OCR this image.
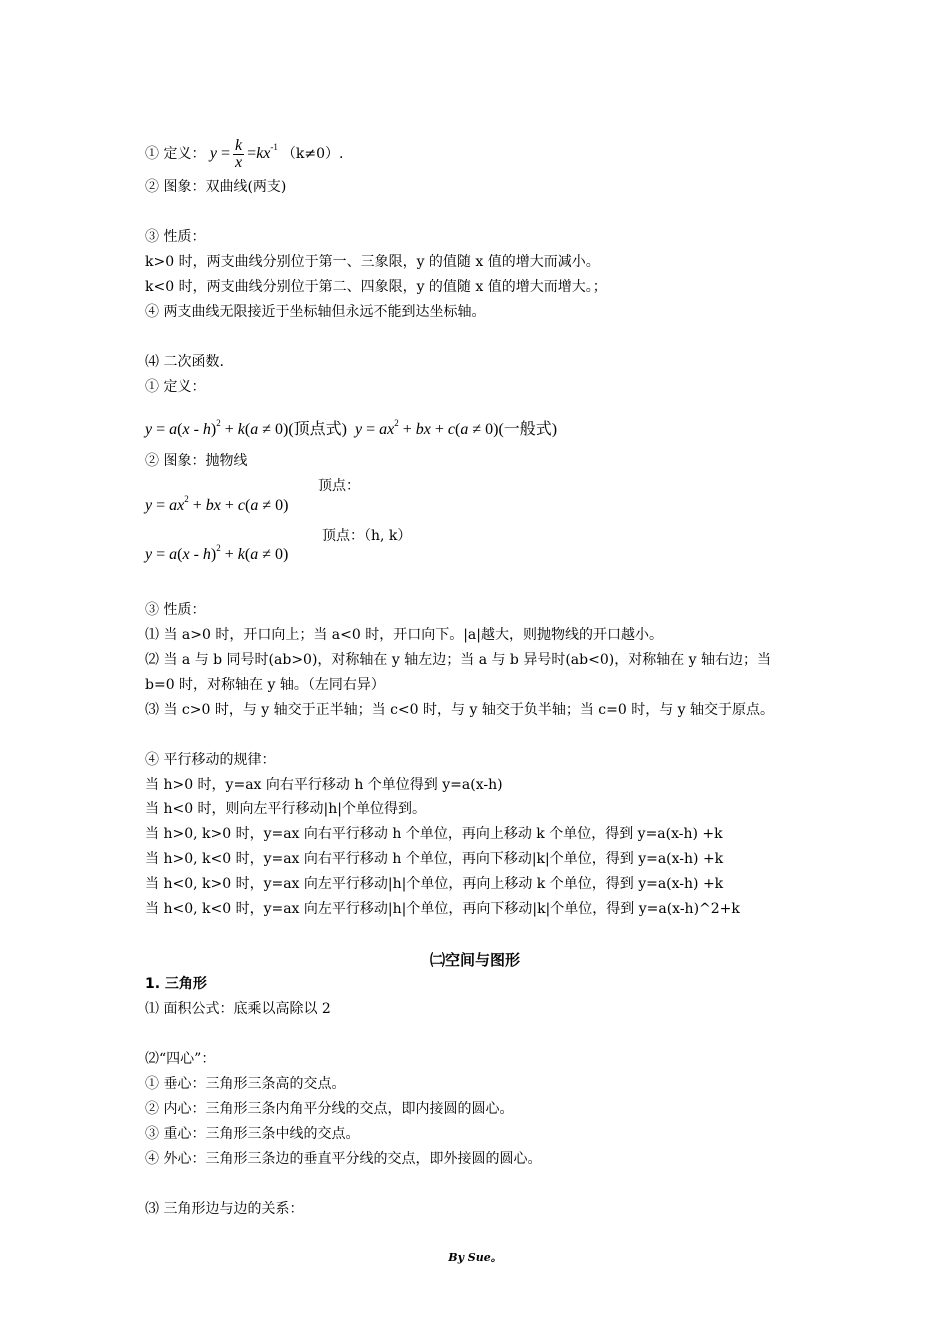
① 定义： $y = \frac{k}{x} =kx^{-1}$ （k≠0）.
② 图象：双曲线(两支)
③ 性质：
k>0 时，两支曲线分别位于第一、三象限，y 的值随 x 值的增大而减小。
k<0 时，两支曲线分别位于第二、四象限，y 的值随 x 值的增大而增大。；
④ 两支曲线无限接近于坐标轴但永远不能到达坐标轴。
⑷ 二次函数.
① 定义：
y = a(x - h)$^2$ + k(a ≠ 0)(顶点式) $y = ax^2$ + bx + c(a ≠ 0)(一般式)
② 图象：抛物线
$y = ax^2$ + bx + c(a ≠ 0)
顶点：
y = a(x - h)$^2$ + k(a ≠ 0)
顶点：（h, k）
③ 性质：
⑴ 当 a>0 时，开口向上；当 a<0 时，开口向下。|a|越大，则抛物线的开口越小。
⑵ 当 a 与 b 同号时(ab>0)，对称轴在 y 轴左边；当 a 与 b 异号时(ab<0)，对称轴在 y 轴右边；当
b=0 时，对称轴在 y 轴。（左同右异）
⑶ 当 c>0 时，与 y 轴交于正半轴；当 c<0 时，与 y 轴交于负半轴；当 c=0 时，与 y 轴交于原点。
④ 平行移动的规律：
当 h>0 时，y=ax 向右平行移动 h 个单位得到 y=a(x-h)
当 h<0 时，则向左平行移动|h|个单位得到。
当 h>0, k>0 时，y=ax 向右平行移动 h 个单位，再向上移动 k 个单位，得到 y=a(x-h) +k
当 h>0, k<0 时，y=ax 向右平行移动 h 个单位，再向下移动|k|个单位，得到 y=a(x-h) +k
当 h<0, k>0 时，y=ax 向左平行移动|h|个单位，再向上移动 k 个单位，得到 y=a(x-h) +k
当 h<0, k<0 时，y=ax 向左平行移动|h|个单位，再向下移动|k|个单位，得到 y=a(x-h)^2+k
㈡空间与图形
1. 三角形
⑴ 面积公式：底乘以高除以 2
⑵“四心”：
① 垂心：三角形三条高的交点。
② 内心：三角形三条内角平分线的交点，即内接圆的圆心。
③ 重心：三角形三条中线的交点。
④ 外心：三角形三条边的垂直平分线的交点，即外接圆的圆心。
⑶ 三角形边与边的关系：
By Sue。
